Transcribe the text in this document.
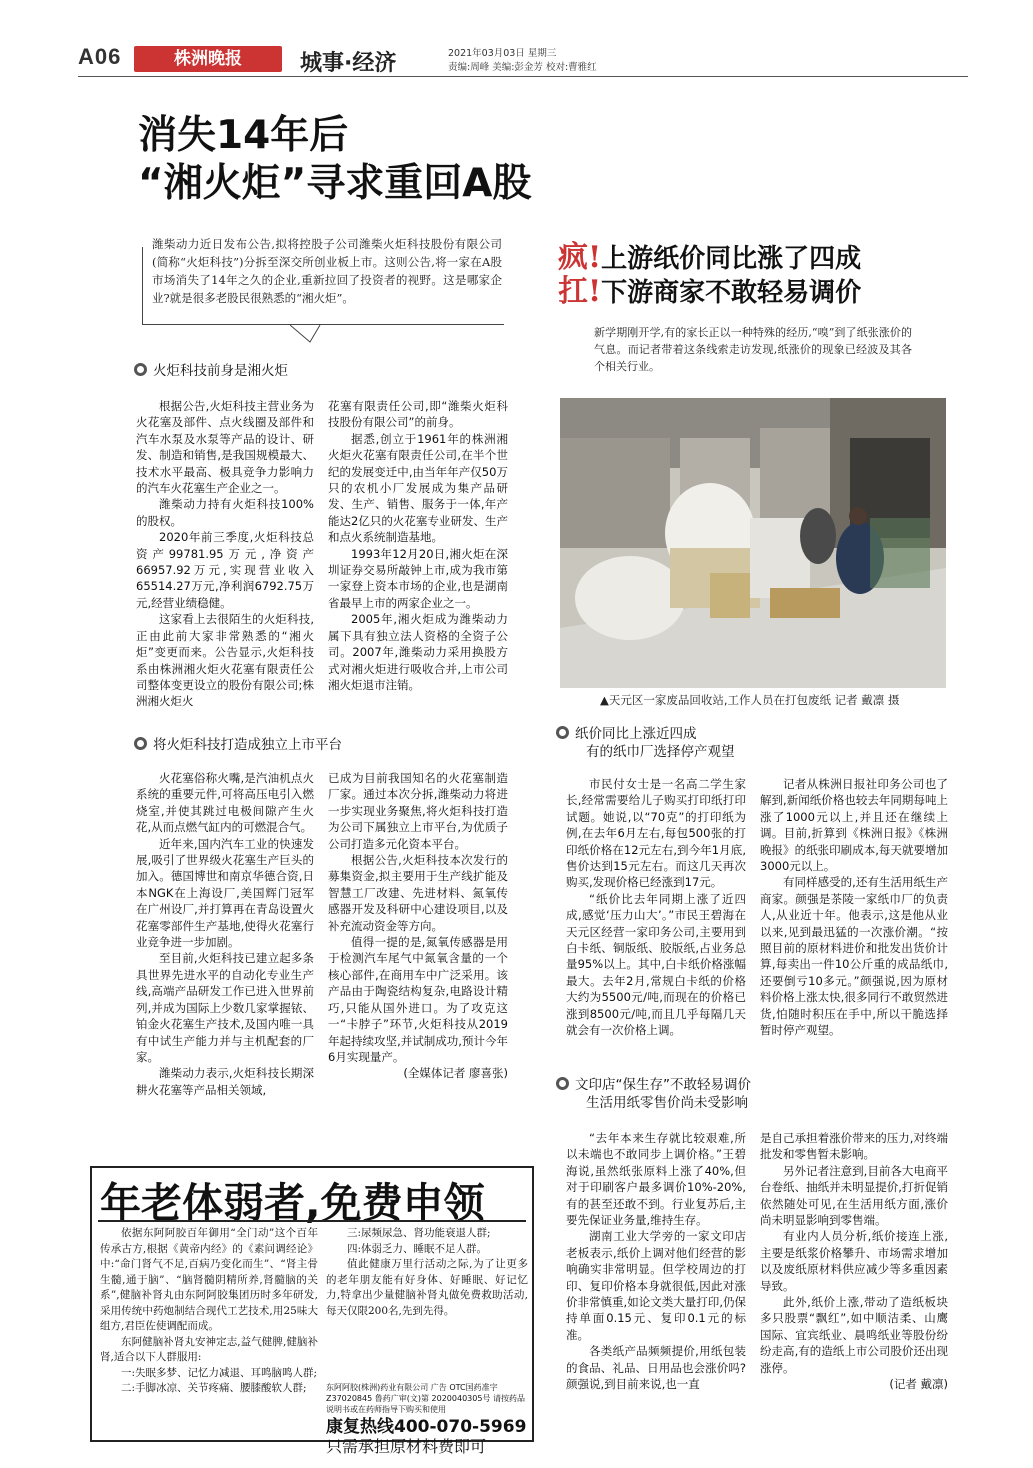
A06	株洲晚报	城事·经济	2021年03月03日 星期三
责编:周峰 美编:彭金芳 校对:曹雅红
消失14年后
“湘火炬”寻求重回A股
潍柴动力近日发布公告,拟将控股子公司潍柴火炬科技股份有限公司(简称“火炬科技”)分拆至深交所创业板上市。这则公告,将一家在A股市场消失了14年之久的企业,重新拉回了投资者的视野。这是哪家企业?就是很多老股民很熟悉的“湘火炬”。
火炬科技前身是湘火炬

根据公告,火炬科技主营业务为火花塞及部件、点火线圈及部件和汽车水泵及水泵等产品的设计、研发、制造和销售,是我国规模最大、技术水平最高、极具竞争力影响力的汽车火花塞生产企业之一。

潍柴动力持有火炬科技100%的股权。

2020年前三季度,火炬科技总资产99781.95万元,净资产66957.92万元,实现营业收入65514.27万元,净利润6792.75万元,经营业绩稳健。

这家看上去很陌生的火炬科技,正由此前大家非常熟悉的“湘火炬”变更而来。公告显示,火炬科技系由株洲湘火炬火花塞有限责任公司整体变更设立的股份有限公司;株洲湘火炬火

花塞有限责任公司,即“潍柴火炬科技股份有限公司”的前身。

据悉,创立于1961年的株洲湘火炬火花塞有限责任公司,在半个世纪的发展变迁中,由当年年产仅50万只的农机小厂发展成为集产品研发、生产、销售、服务于一体,年产能达2亿只的火花塞专业研发、生产和点火系统制造基地。

1993年12月20日,湘火炬在深圳证券交易所敲钟上市,成为我市第一家登上资本市场的企业,也是湖南省最早上市的两家企业之一。

2005年,湘火炬成为潍柴动力属下具有独立法人资格的全资子公司。2007年,潍柴动力采用换股方式对湘火炬进行吸收合并,上市公司湘火炬退市注销。

将火炬科技打造成独立上市平台

火花塞俗称火嘴,是汽油机点火系统的重要元件,可将高压电引入燃烧室,并使其跳过电极间隙产生火花,从而点燃气缸内的可燃混合气。

近年来,国内汽车工业的快速发展,吸引了世界级火花塞生产巨头的加入。德国博世和南京华德合资,日本NGK在上海设厂,美国辉门冠军在广州设厂,并打算再在青岛设置火花塞零部件生产基地,使得火花塞行业竞争进一步加剧。

至目前,火炬科技已建立起多条具世界先进水平的自动化专业生产线,高端产品研发工作已进入世界前列,并成为国际上少数几家掌握铱、铂金火花塞生产技术,及国内唯一具有中试生产能力并与主机配套的厂家。

潍柴动力表示,火炬科技长期深耕火花塞等产品相关领域,

已成为目前我国知名的火花塞制造厂家。通过本次分拆,潍柴动力将进一步实现业务聚焦,将火炬科技打造为公司下属独立上市平台,为优质子公司打造多元化资本平台。

根据公告,火炬科技本次发行的募集资金,拟主要用于生产线扩能及智慧工厂改建、先进材料、氮氧传感器开发及科研中心建设项目,以及补充流动资金等方向。

值得一提的是,氮氧传感器是用于检测汽车尾气中氮氧含量的一个核心部件,在商用车中广泛采用。该产品由于陶瓷结构复杂,电路设计精巧,只能从国外进口。为了攻克这一“卡脖子”环节,火炬科技从2019年起持续攻坚,并试制成功,预计今年6月实现量产。

(全媒体记者 廖喜张)

疯!上游纸价同比涨了四成
扛!下游商家不敢轻易调价
新学期刚开学,有的家长正以一种特殊的经历,“嗅”到了纸张涨价的气息。而记者带着这条线索走访发现,纸涨价的现象已经波及其各个相关行业。
▲天元区一家废品回收站,工作人员在打包废纸 记者 戴凛 摄
纸价同比上涨近四成
有的纸巾厂选择停产观望

市民付女士是一名高二学生家长,经常需要给儿子购买打印纸打印试题。她说,以“70克”的打印纸为例,在去年6月左右,每包500张的打印纸价格在12元左右,到今年1月底,售价达到15元左右。而这几天再次购买,发现价格已经涨到17元。

“纸价比去年同期上涨了近四成,感觉‘压力山大’。”市民王碧海在天元区经营一家印务公司,主要用到白卡纸、铜版纸、胶版纸,占业务总量95%以上。其中,白卡纸价格涨幅最大。去年2月,常规白卡纸的价格大约为5500元/吨,而现在的价格已涨到8500元/吨,而且几乎每隔几天就会有一次价格上调。

记者从株洲日报社印务公司也了解到,新闻纸价格也较去年同期每吨上涨了1000元以上,并且还在继续上调。目前,折算到《株洲日报》《株洲晚报》的纸张印刷成本,每天就要增加3000元以上。

有同样感受的,还有生活用纸生产商家。颜强是茶陵一家纸巾厂的负责人,从业近十年。他表示,这是他从业以来,见到最迅猛的一次涨价潮。“按照目前的原材料进价和批发出货价计算,每卖出一件10公斤重的成品纸巾,还要倒亏10多元。”颜强说,因为原材料价格上涨太快,很多同行不敢贸然进货,怕随时积压在手中,所以干脆选择暂时停产观望。

文印店“保生存”不敢轻易调价
生活用纸零售价尚未受影响

“去年本来生存就比较艰难,所以未端也不敢同步上调价格。”王碧海说,虽然纸张原料上涨了40%,但对于印刷客户最多调价10%-20%,有的甚至还敢不到。行业复苏后,主要先保证业务量,维持生存。

湖南工业大学旁的一家文印店老板表示,纸价上调对他们经营的影响确实非常明显。但学校周边的打印、复印价格本身就很低,因此对涨价非常慎重,如论文类大量打印,仍保持单面0.15元、复印0.1元的标准。

各类纸产品频频提价,用纸包装的食品、礼品、日用品也会涨价吗?颜强说,到目前来说,也一直

是自己承担着涨价带来的压力,对终端批发和零售暂未影响。

另外记者注意到,目前各大电商平台卷纸、抽纸并未明显提价,打折促销依然随处可见,在生活用纸方面,涨价尚未明显影响到零售端。

有业内人员分析,纸价接连上涨,主要是纸浆价格攀升、市场需求增加以及废纸原材料供应减少等多重因素导致。

此外,纸价上涨,带动了造纸板块多只股票“飘红”,如中顺洁柔、山鹰国际、宜宾纸业、晨鸣纸业等股份纷纷走高,有的造纸上市公司股价还出现涨停。

(记者 戴凛)

年老体弱者,免费申领

依据东阿阿胶百年御用“全门动”这个百年传承古方,根据《黄帝内经》的《素问调经论》中:“命门肾气不足,百病乃变化而生”、“肾主骨生髓,通于脑”、“脑肾髓阴精所养,肾髓脑的关系”,健脑补肾丸由东阿阿胶集团历时多年研发,采用传统中药炮制结合现代工艺技术,用25味大组方,君臣佐使调配而成。

东阿健脑补肾丸安神定志,益气健脾,健脑补肾,适合以下人群服用:

一:失眠多梦、记忆力减退、耳鸣脑鸣人群;

二:手脚冰凉、关节疼痛、腰膝酸软人群;

三:尿频尿急、肾功能衰退人群;

四:体弱乏力、睡眠不足人群。

值此健康万里行活动之际,为了让更多的老年朋友能有好身体、好睡眠、好记忆力,特拿出少量健脑补肾丸做免费救助活动,每天仅限200名,先到先得。

东阿阿胶(株洲)药业有限公司 广告 OTC国药准字Z37020845 鲁药广审(文)第 2020040305号 请按药品说明书或在药师指导下购买和使用
康复热线400-070-5969
只需承担原材料费即可
